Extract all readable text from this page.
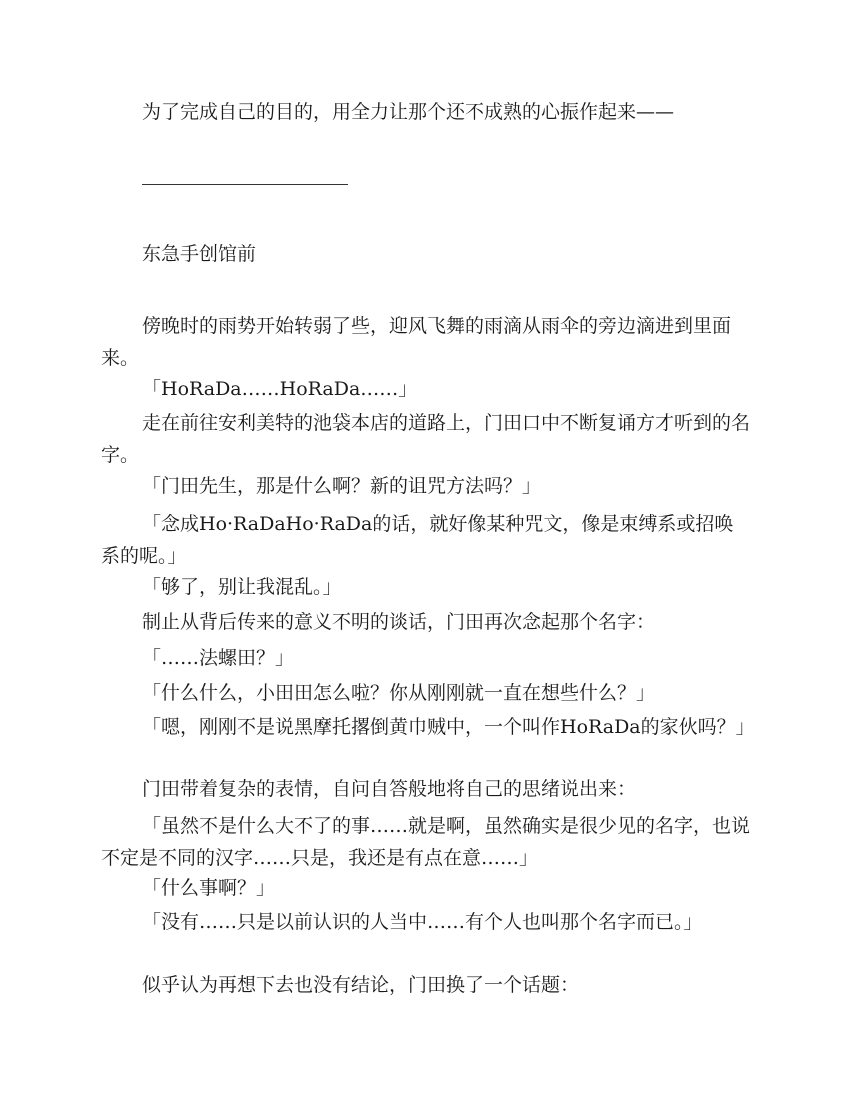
为了完成自己的目的，用全力让那个还不成熟的心振作起来——
东急手创馆前

傍晚时的雨势开始转弱了些，迎风飞舞的雨滴从雨伞的旁边滴进到里面来。

「HoRaDa……HoRaDa……」

走在前往安利美特的池袋本店的道路上，门田口中不断复诵方才听到的名字。

「门田先生，那是什么啊？新的诅咒方法吗？」

「念成Ho·RaDaHo·RaDa的话，就好像某种咒文，像是束缚系或招唤系的呢。」

「够了，别让我混乱。」

制止从背后传来的意义不明的谈话，门田再次念起那个名字：

「……法螺田？」

「什么什么，小田田怎么啦？你从刚刚就一直在想些什么？」

「嗯，刚刚不是说黑摩托撂倒黄巾贼中，一个叫作HoRaDa的家伙吗？」

门田带着复杂的表情，自问自答般地将自己的思绪说出来：

「虽然不是什么大不了的事……就是啊，虽然确实是很少见的名字，也说不定是不同的汉字……只是，我还是有点在意……」

「什么事啊？」

「没有……只是以前认识的人当中……有个人也叫那个名字而已。」

似乎认为再想下去也没有结论，门田换了一个话题：
